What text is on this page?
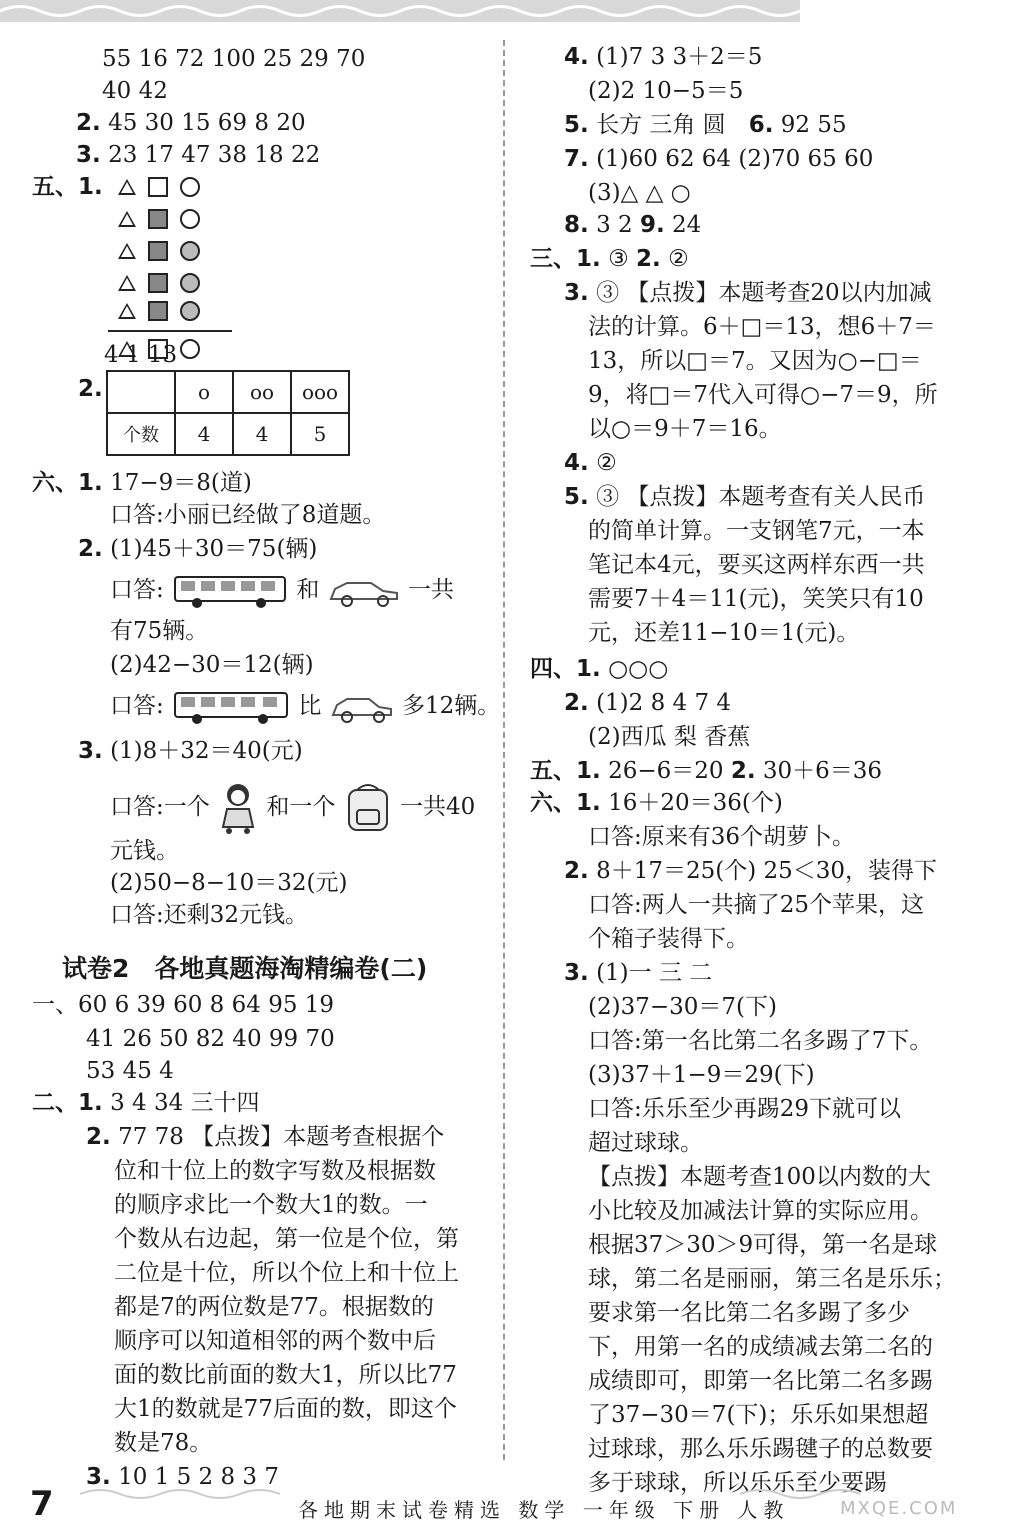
55 16 72 100 25 29 70
40 42
2. 45 30 15 69 8 20
3. 23 17 47 38 18 22
五、1.
4 1 13
2.
		o	oo	ooo
个数	4	4	5
六、1. 17−9＝8(道)
口答:小丽已经做了8道题。
2. (1)45＋30＝75(辆)
口答:	和	一共
有75辆。
(2)42−30＝12(辆)
口答:	比	多12辆。
3. (1)8＋32＝40(元)
口答:一个 和一个	一共40
元钱。
(2)50−8−10＝32(元)
口答:还剩32元钱。
试卷2　各地真题海淘精编卷(二)
一、60 6 39 60 8 64 95 19
41 26 50 82 40 99 70
53 45 4
二、1. 3 4 34 三十四
2. 77 78 【点拨】本题考查根据个
位和十位上的数字写数及根据数
的顺序求比一个数大1的数。一
个数从右边起，第一位是个位，第
二位是十位，所以个位上和十位上
都是7的两位数是77。根据数的
顺序可以知道相邻的两个数中后
面的数比前面的数大1，所以比77
大1的数就是77后面的数，即这个
数是78。
3. 10 1 5 2 8 3 7
4. (1)7 3 3＋2＝5
(2)2 10−5＝5
5. 长方 三角 圆　 6. 92 55
7. (1)60 62 64 (2)70 65 60
(3)△ △ ○
8. 3 2 9. 24
三、1. ③ 2. ②
3. ③ 【点拨】本题考查20以内加减
法的计算。6＋□＝13，想6＋7＝
13，所以□＝7。又因为○−□＝
9，将□＝7代入可得○−7＝9，所
以○＝9＋7＝16。
4. ②
5. ③ 【点拨】本题考查有关人民币
的简单计算。一支钢笔7元，一本
笔记本4元，要买这两样东西一共
需要7＋4＝11(元)，笑笑只有10
元，还差11−10＝1(元)。
四、1. ○○○
2. (1)2 8 4 7 4
(2)西瓜 梨 香蕉
五、1. 26−6＝20 2. 30＋6＝36
六、1. 16＋20＝36(个)
口答:原来有36个胡萝卜。
2. 8＋17＝25(个) 25＜30，装得下
口答:两人一共摘了25个苹果，这
个箱子装得下。
3. (1)一 三 二
(2)37−30＝7(下)
口答:第一名比第二名多踢了7下。
(3)37＋1−9＝29(下)
口答:乐乐至少再踢29下就可以
超过球球。
【点拨】本题考查100以内数的大
小比较及加减法计算的实际应用。
根据37＞30＞9可得，第一名是球
球，第二名是丽丽，第三名是乐乐；
要求第一名比第二名多踢了多少
下，用第一名的成绩减去第二名的
成绩即可，即第一名比第二名多踢
了37−30＝7(下)；乐乐如果想超
过球球，那么乐乐踢毽子的总数要
多于球球，所以乐乐至少要踢
7	各地期末试卷精选 数学 一年级 下册 人教	MXQE.COM
